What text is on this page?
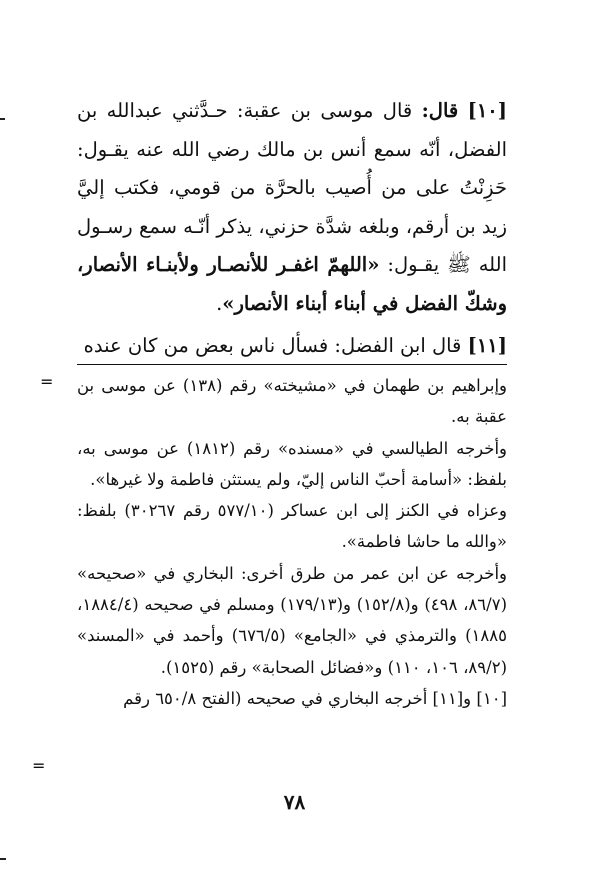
[١٠] قال: قال موسى بن عقبة: حـدَّثني عبدالله بن الفضل، أنّه سمع أنس بن مالك رضي الله عنه يقـول: حَزِنْتُ على من أُصيب بالحرَّة من قومي، فكتب إليَّ زيد بن أرقم، وبلغه شدَّة حزني، يذكر أنّـه سمع رسـول الله ﷺ يقـول: «اللهمّ اغفـر للأنصـار ولأبنـاء الأنصار، وشكّ الفضل في أبناء أبناء الأنصار».

[١١] قال ابن الفضل: فسأل ناس بعض من كان عنده

= وإبراهيم بن طهمان في «مشيخته» رقم (١٣٨) عن موسى بن عقبة به.

وأخرجه الطيالسي في «مسنده» رقم (١٨١٢) عن موسى به، بلفظ: «أسامة أحبّ الناس إليّ، ولم يستثن فاطمة ولا غيرها».

وعزاه في الكنز إلى ابن عساكر (٥٧٧/١٠ رقم ٣٠٢٦٧) بلفظ: «والله ما حاشا فاطمة».

وأخرجه عن ابن عمر من طرق أخرى: البخاري في «صحيحه» (٨٦/٧، ٤٩٨) و(١٥٢/٨) و(١٧٩/١٣) ومسلم في صحيحه (١٨٨٤/٤، ١٨٨٥) والترمذي في «الجامع» (٦٧٦/٥) وأحمد في «المسند» (٨٩/٢، ١٠٦، ١١٠) و«فضائل الصحابة» رقم (١٥٢٥).

[١٠] و[١١] أخرجه البخاري في صحيحه (الفتح ٦٥٠/٨ رقم

=
٧٨
